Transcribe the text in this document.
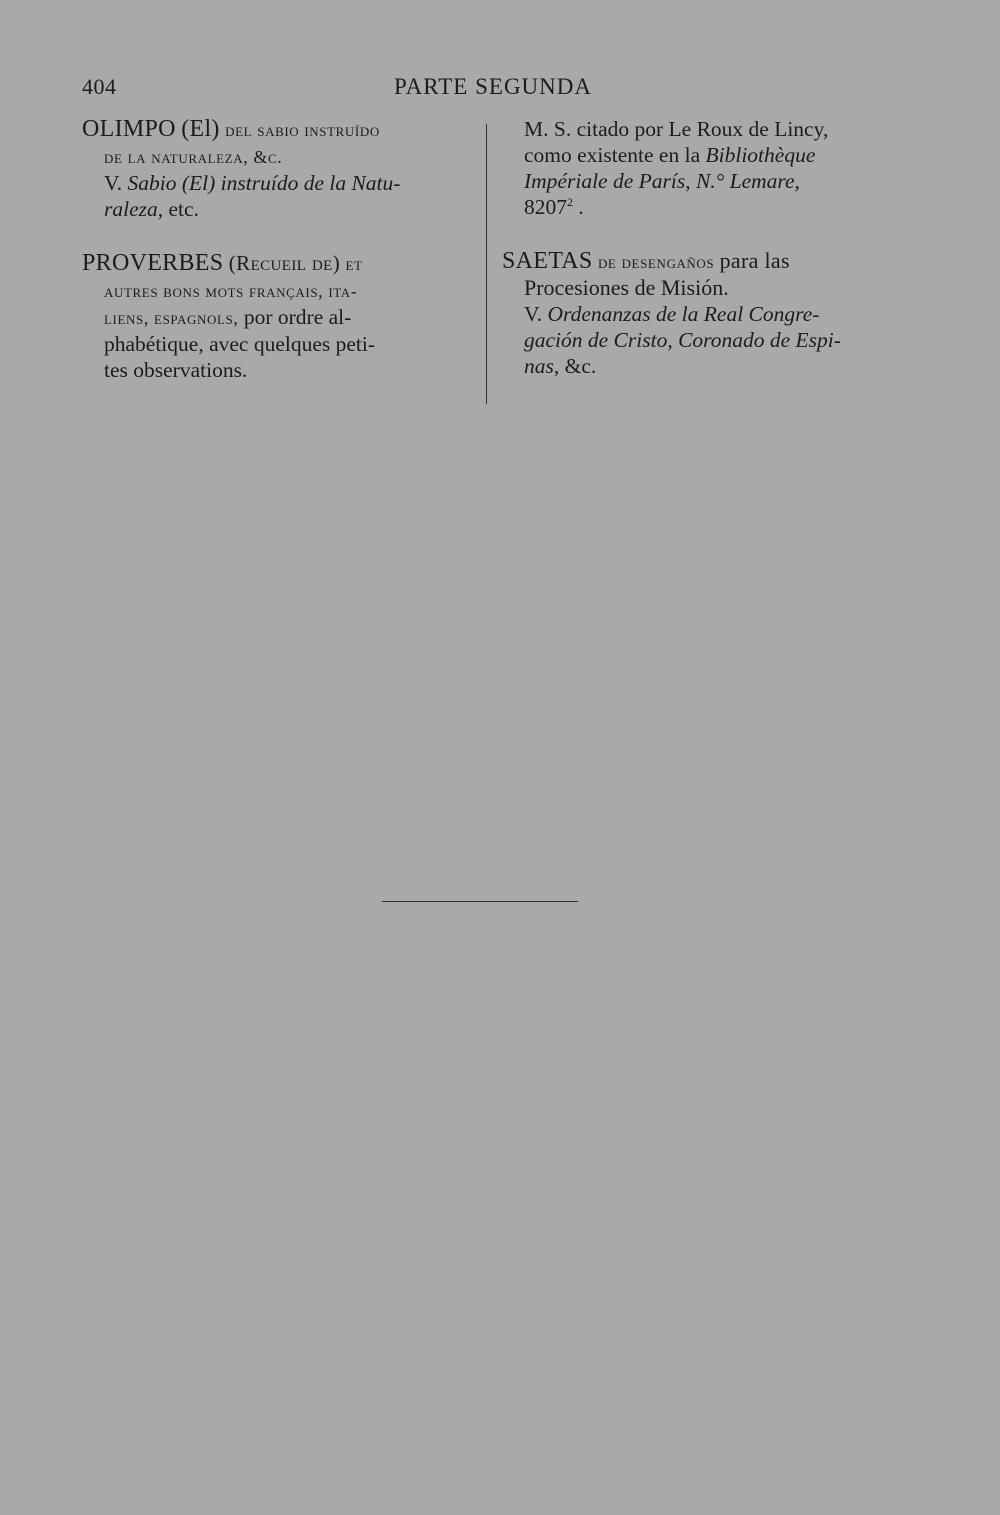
404	PARTE SEGUNDA

OLIMPO (El) del sabio instruído
de la naturaleza, &c.

V. Sabio (El) instruído de la Natu-
raleza, etc.

PROVERBES (Recueil de) et
autres bons mots français, ita-
liens, espagnols, por ordre al-
phabétique, avec quelques peti-
tes observations.

M. S. citado por Le Roux de Lincy,
como existente en la Bibliothèque
Impériale de París, N.° Lemare,
8207$^2$ .

SAETAS de desengaños para las
Procesiones de Misión.

V. Ordenanzas de la Real Congre-
gación de Cristo, Coronado de Espi-
nas, &c.
